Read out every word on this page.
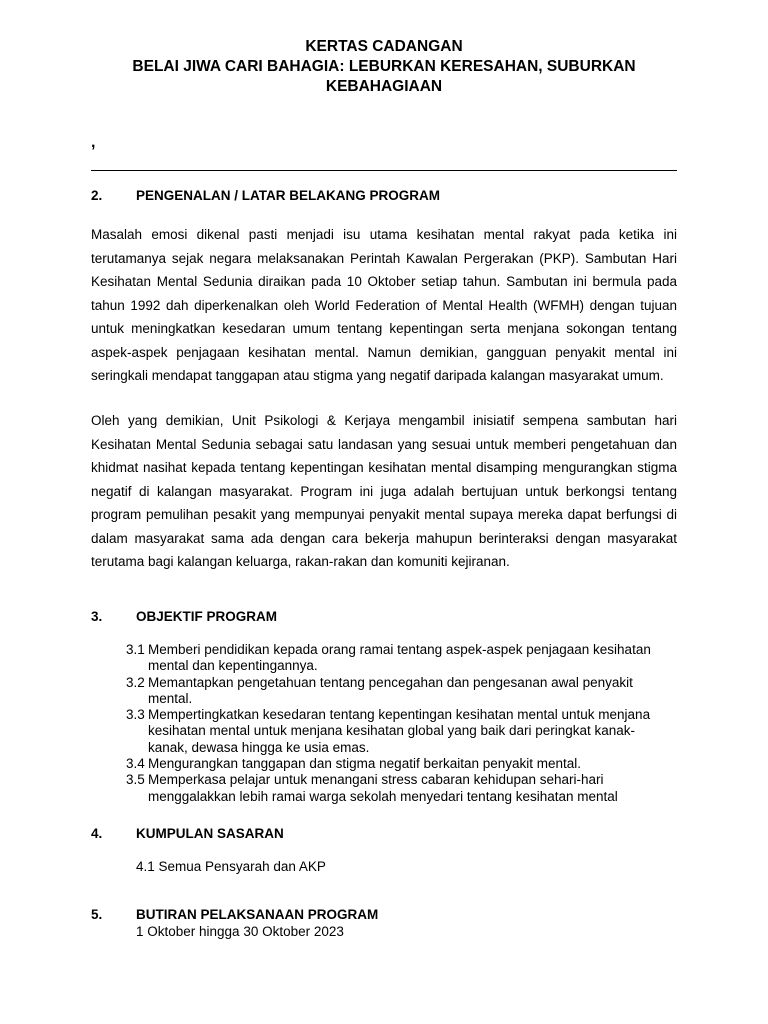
KERTAS CADANGAN
BELAI JIWA CARI BAHAGIA: LEBURKAN KERESAHAN, SUBURKAN
KEBAHAGIAAN
,
2. PENGENALAN / LATAR BELAKANG PROGRAM

Masalah emosi dikenal pasti menjadi isu utama kesihatan mental rakyat pada ketika ini terutamanya sejak negara melaksanakan Perintah Kawalan Pergerakan (PKP). Sambutan Hari Kesihatan Mental Sedunia diraikan pada 10 Oktober setiap tahun. Sambutan ini bermula pada tahun 1992 dah diperkenalkan oleh World Federation of Mental Health (WFMH) dengan tujuan untuk meningkatkan kesedaran umum tentang kepentingan serta menjana sokongan tentang aspek-aspek penjagaan kesihatan mental. Namun demikian, gangguan penyakit mental ini seringkali mendapat tanggapan atau stigma yang negatif daripada kalangan masyarakat umum.

Oleh yang demikian, Unit Psikologi & Kerjaya mengambil inisiatif sempena sambutan hari Kesihatan Mental Sedunia sebagai satu landasan yang sesuai untuk memberi pengetahuan dan khidmat nasihat kepada tentang kepentingan kesihatan mental disamping mengurangkan stigma negatif di kalangan masyarakat. Program ini juga adalah bertujuan untuk berkongsi tentang program pemulihan pesakit yang mempunyai penyakit mental supaya mereka dapat berfungsi di dalam masyarakat sama ada dengan cara bekerja mahupun berinteraksi dengan masyarakat terutama bagi kalangan keluarga, rakan-rakan dan komuniti kejiranan.

3. OBJEKTIF PROGRAM
3.1 Memberi pendidikan kepada orang ramai tentang aspek-aspek penjagaan kesihatan mental dan kepentingannya.
3.2 Memantapkan pengetahuan tentang pencegahan dan pengesanan awal penyakit mental.
3.3 Mempertingkatkan kesedaran tentang kepentingan kesihatan mental untuk menjana kesihatan mental untuk menjana kesihatan global yang baik dari peringkat kanak-kanak, dewasa hingga ke usia emas.
3.4 Mengurangkan tanggapan dan stigma negatif berkaitan penyakit mental.
3.5 Memperkasa pelajar untuk menangani stress cabaran kehidupan sehari-hari menggalakkan lebih ramai warga sekolah menyedari tentang kesihatan mental
4. KUMPULAN SASARAN
4.1 Semua Pensyarah dan AKP
5. BUTIRAN PELAKSANAAN PROGRAM
1 Oktober hingga 30 Oktober 2023
